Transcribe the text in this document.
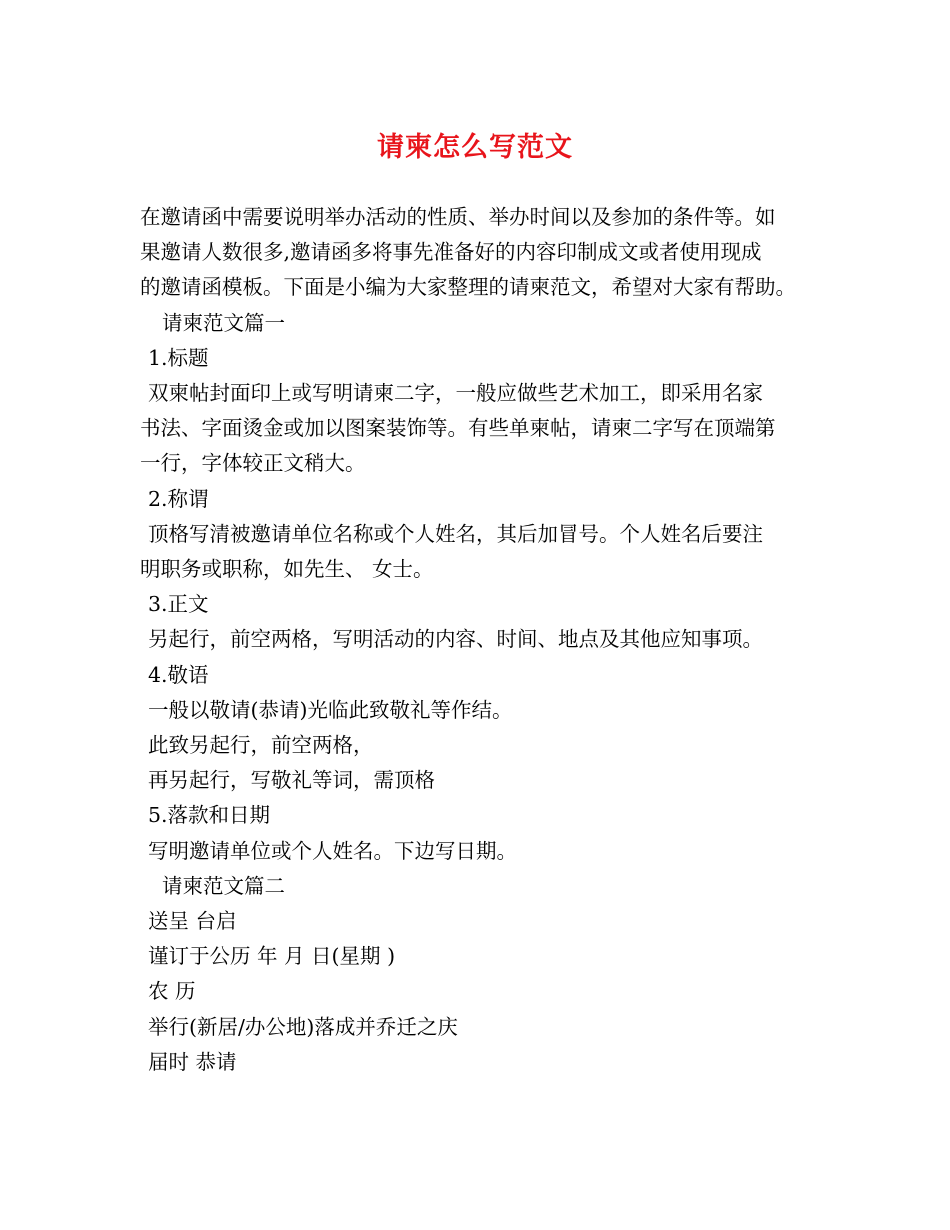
请柬怎么写范文
在邀请函中需要说明举办活动的性质、举办时间以及参加的条件等。如
果邀请人数很多,邀请函多将事先准备好的内容印制成文或者使用现成
的邀请函模板。下面是小编为大家整理的请柬范文，希望对大家有帮助。
请柬范文篇一
1.标题
双柬帖封面印上或写明请柬二字，一般应做些艺术加工，即采用名家
书法、字面烫金或加以图案装饰等。有些单柬帖，请柬二字写在顶端第
一行，字体较正文稍大。
2.称谓
顶格写清被邀请单位名称或个人姓名，其后加冒号。个人姓名后要注
明职务或职称，如先生、 女士。
3.正文
另起行，前空两格，写明活动的内容、时间、地点及其他应知事项。
4.敬语
一般以敬请(恭请)光临此致敬礼等作结。
此致另起行，前空两格，
再另起行，写敬礼等词，需顶格
5.落款和日期
写明邀请单位或个人姓名。下边写日期。
请柬范文篇二
送呈 台启
谨订于公历 年 月 日(星期 )
农 历
举行(新居/办公地)落成并乔迁之庆
届时 恭请
